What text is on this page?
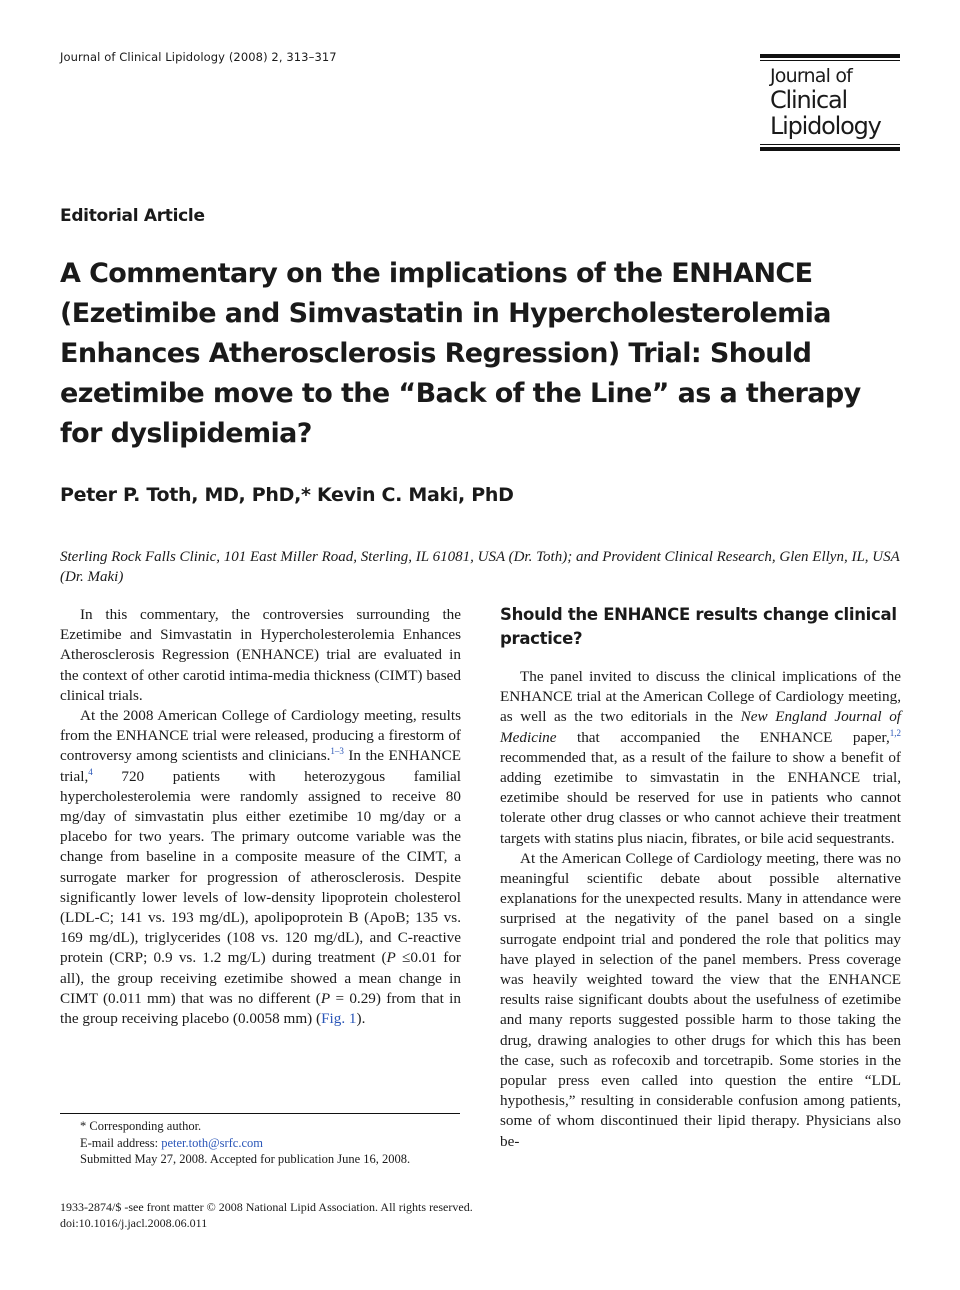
Journal of Clinical Lipidology (2008) 2, 313–317
Journal of
Clinical
Lipidology
Editorial Article
A Commentary on the implications of the ENHANCE (Ezetimibe and Simvastatin in Hypercholesterolemia Enhances Atherosclerosis Regression) Trial: Should ezetimibe move to the “Back of the Line” as a therapy for dyslipidemia?
Peter P. Toth, MD, PhD,* Kevin C. Maki, PhD
Sterling Rock Falls Clinic, 101 East Miller Road, Sterling, IL 61081, USA (Dr. Toth); and Provident Clinical Research, Glen Ellyn, IL, USA (Dr. Maki)

In this commentary, the controversies surrounding the Ezetimibe and Simvastatin in Hypercholesterolemia Enhances Atherosclerosis Regression (ENHANCE) trial are evaluated in the context of other carotid intima-media thickness (CIMT) based clinical trials.

At the 2008 American College of Cardiology meeting, results from the ENHANCE trial were released, producing a firestorm of controversy among scientists and clinicians.$^{1-3}$ In the ENHANCE trial,$^4$ 720 patients with heterozygous familial hypercholesterolemia were randomly assigned to receive 80 mg/day of simvastatin plus either ezetimibe 10 mg/day or a placebo for two years. The primary outcome variable was the change from baseline in a composite measure of the CIMT, a surrogate marker for progression of atherosclerosis. Despite significantly lower levels of low-density lipoprotein cholesterol (LDL-C; 141 vs. 193 mg/dL), apolipoprotein B (ApoB; 135 vs. 169 mg/dL), triglycerides (108 vs. 120 mg/dL), and C-reactive protein (CRP; 0.9 vs. 1.2 mg/L) during treatment (P ≤0.01 for all), the group receiving ezetimibe showed a mean change in CIMT (0.011 mm) that was no different (P = 0.29) from that in the group receiving placebo (0.0058 mm) (Fig. 1).

Should the ENHANCE results change clinical practice?

The panel invited to discuss the clinical implications of the ENHANCE trial at the American College of Cardiology meeting, as well as the two editorials in the New England Journal of Medicine that accompanied the ENHANCE paper,$^{1,2}$ recommended that, as a result of the failure to show a benefit of adding ezetimibe to simvastatin in the ENHANCE trial, ezetimibe should be reserved for use in patients who cannot tolerate other drug classes or who cannot achieve their treatment targets with statins plus niacin, fibrates, or bile acid sequestrants.

At the American College of Cardiology meeting, there was no meaningful scientific debate about possible alternative explanations for the unexpected results. Many in attendance were surprised at the negativity of the panel based on a single surrogate endpoint trial and pondered the role that politics may have played in selection of the panel members. Press coverage was heavily weighted toward the view that the ENHANCE results raise significant doubts about the usefulness of ezetimibe and many reports suggested possible harm to those taking the drug, drawing analogies to other drugs for which this has been the case, such as rofecoxib and torcetrapib. Some stories in the popular press even called into question the entire “LDL hypothesis,” resulting in considerable confusion among patients, some of whom discontinued their lipid therapy. Physicians also be-

* Corresponding author.
E-mail address: peter.toth@srfc.com
Submitted May 27, 2008. Accepted for publication June 16, 2008.
1933-2874/$ -see front matter © 2008 National Lipid Association. All rights reserved.
doi:10.1016/j.jacl.2008.06.011
